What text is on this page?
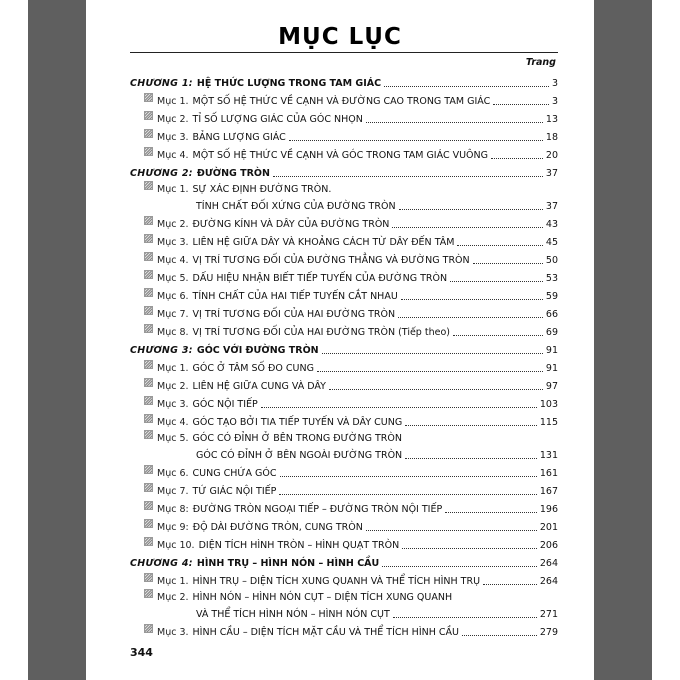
MỤC LỤC
Trang
CHƯƠNG 1: HỆ THỨC LƯỢNG TRONG TAM GIÁC	3
Mục 1. MỘT SỐ HỆ THỨC VỀ CẠNH VÀ ĐƯỜNG CAO TRONG TAM GIÁC	3
Mục 2. TỈ SỐ LƯỢNG GIÁC CỦA GÓC NHỌN	13
Mục 3. BẢNG LƯỢNG GIÁC	18
Mục 4. MỘT SỐ HỆ THỨC VỀ CẠNH VÀ GÓC TRONG TAM GIÁC VUÔNG	20
CHƯƠNG 2: ĐƯỜNG TRÒN	37
Mục 1. SỰ XÁC ĐỊNH ĐƯỜNG TRÒN.
TÍNH CHẤT ĐỐI XỨNG CỦA ĐƯỜNG TRÒN	37
Mục 2. ĐƯỜNG KÍNH VÀ DÂY CỦA ĐƯỜNG TRÒN	43
Mục 3. LIÊN HỆ GIỮA DÂY VÀ KHOẢNG CÁCH TỪ DÂY ĐẾN TÂM	45
Mục 4. VỊ TRÍ TƯƠNG ĐỐI CỦA ĐƯỜNG THẲNG VÀ ĐƯỜNG TRÒN	50
Mục 5. DẤU HIỆU NHẬN BIẾT TIẾP TUYẾN CỦA ĐƯỜNG TRÒN	53
Mục 6. TÍNH CHẤT CỦA HAI TIẾP TUYẾN CẮT NHAU	59
Mục 7. VỊ TRÍ TƯƠNG ĐỐI CỦA HAI ĐƯỜNG TRÒN	66
Mục 8. VỊ TRÍ TƯƠNG ĐỐI CỦA HAI ĐƯỜNG TRÒN (Tiếp theo)	69
CHƯƠNG 3: GÓC VỚI ĐƯỜNG TRÒN	91
Mục 1. GÓC Ở TÂM SỐ ĐO CUNG	91
Mục 2. LIÊN HỆ GIỮA CUNG VÀ DÂY	97
Mục 3. GÓC NỘI TIẾP	103
Mục 4. GÓC TẠO BỞI TIA TIẾP TUYẾN VÀ DÂY CUNG	115
Mục 5. GÓC CÓ ĐỈNH Ở BÊN TRONG ĐƯỜNG TRÒN
GÓC CÓ ĐỈNH Ở BÊN NGOÀI ĐƯỜNG TRÒN	131
Mục 6. CUNG CHỨA GÓC	161
Mục 7. TỨ GIÁC NỘI TIẾP	167
Mục 8: ĐƯỜNG TRÒN NGOẠI TIẾP – ĐƯỜNG TRÒN NỘI TIẾP	196
Mục 9: ĐỘ DÀI ĐƯỜNG TRÒN, CUNG TRÒN	201
Mục 10. DIỆN TÍCH HÌNH TRÒN – HÌNH QUẠT TRÒN	206
CHƯƠNG 4: HÌNH TRỤ – HÌNH NÓN – HÌNH CẦU	264
Mục 1. HÌNH TRỤ – DIỆN TÍCH XUNG QUANH VÀ THỂ TÍCH HÌNH TRỤ	264
Mục 2. HÌNH NÓN – HÌNH NÓN CỤT – DIỆN TÍCH XUNG QUANH
VÀ THỂ TÍCH HÌNH NÓN – HÌNH NÓN CỤT	271
Mục 3. HÌNH CẦU – DIỆN TÍCH MẶT CẦU VÀ THỂ TÍCH HÌNH CẦU	279
344
